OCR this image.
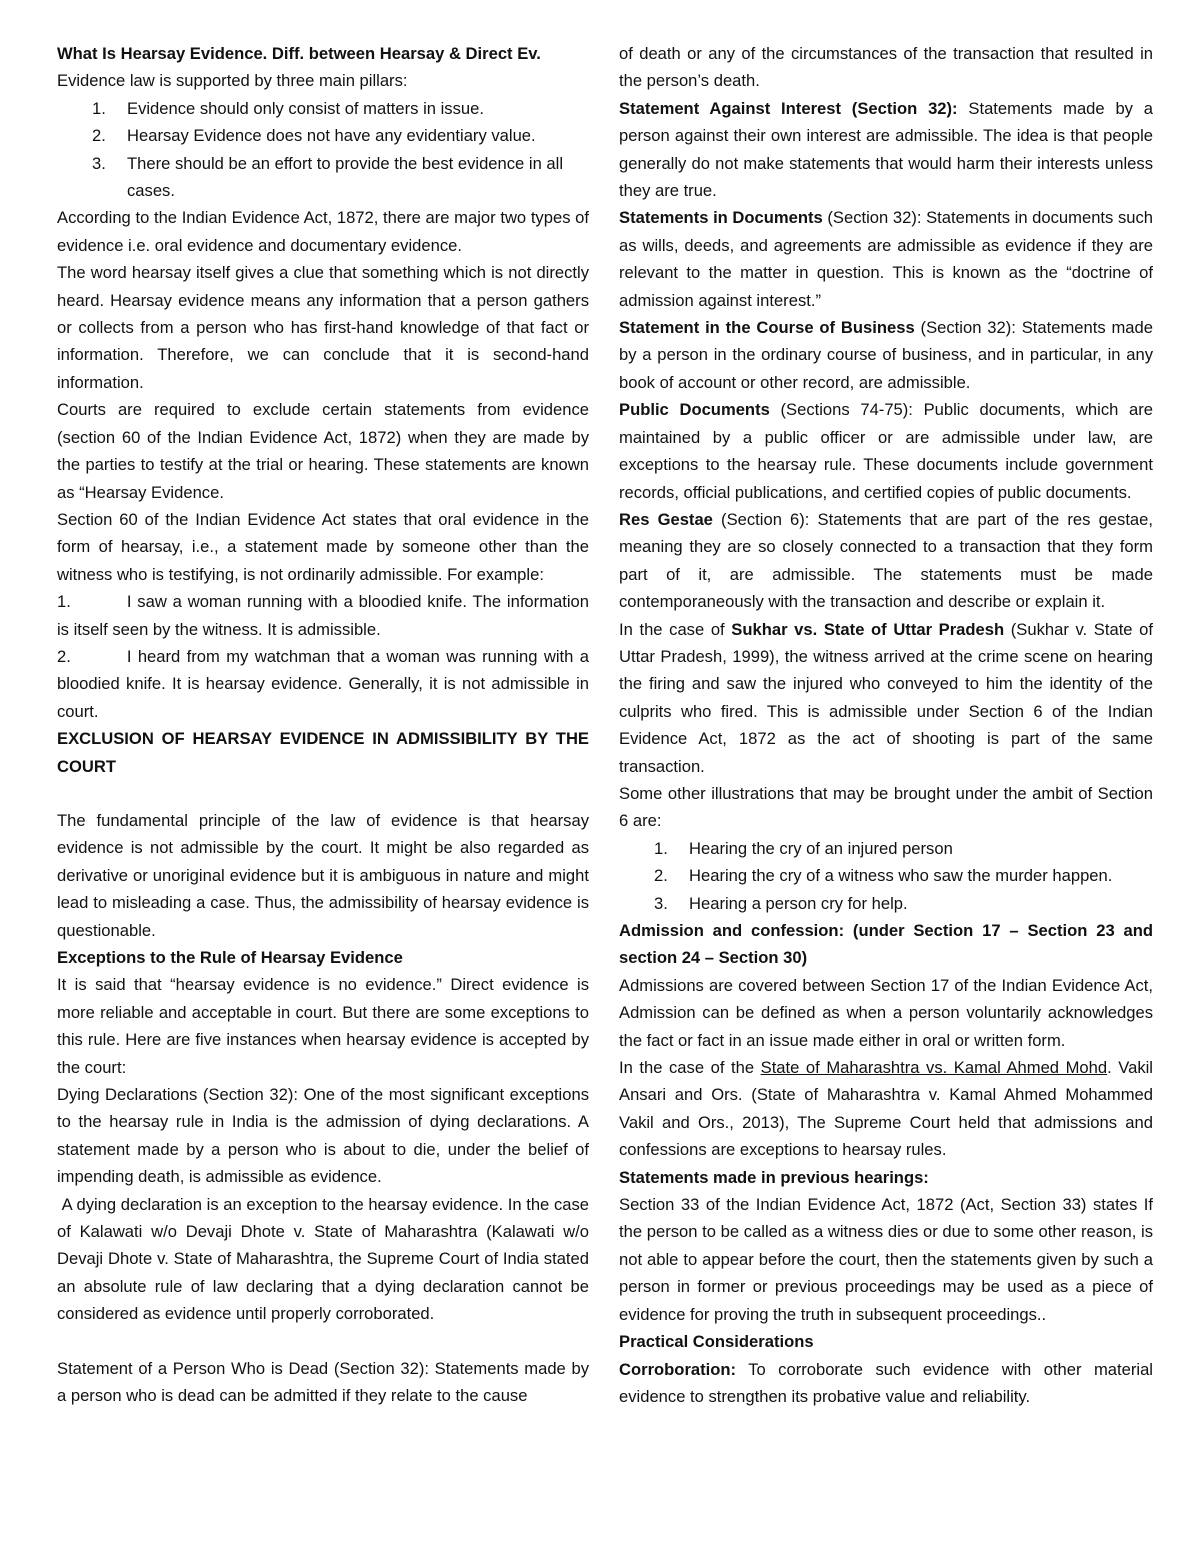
What Is Hearsay Evidence. Diff. between Hearsay & Direct Ev.

Evidence law is supported by three main pillars:

1. Evidence should only consist of matters in issue.
2. Hearsay Evidence does not have any evidentiary value.
3. There should be an effort to provide the best evidence in all cases.

According to the Indian Evidence Act, 1872, there are major two types of evidence i.e. oral evidence and documentary evidence.

The word hearsay itself gives a clue that something which is not directly heard. Hearsay evidence means any information that a person gathers or collects from a person who has first-hand knowledge of that fact or information. Therefore, we can conclude that it is second-hand information.

Courts are required to exclude certain statements from evidence (section 60 of the Indian Evidence Act, 1872) when they are made by the parties to testify at the trial or hearing. These statements are known as “Hearsay Evidence.

Section 60 of the Indian Evidence Act states that oral evidence in the form of hearsay, i.e., a statement made by someone other than the witness who is testifying, is not ordinarily admissible. For example:

1.	I saw a woman running with a bloodied knife. The information is itself seen by the witness. It is admissible.

2.	I heard from my watchman that a woman was running with a bloodied knife. It is hearsay evidence. Generally, it is not admissible in court.

EXCLUSION OF HEARSAY EVIDENCE IN ADMISSIBILITY BY THE COURT

The fundamental principle of the law of evidence is that hearsay evidence is not admissible by the court. It might be also regarded as derivative or unoriginal evidence but it is ambiguous in nature and might lead to misleading a case. Thus, the admissibility of hearsay evidence is questionable.

Exceptions to the Rule of Hearsay Evidence

It is said that “hearsay evidence is no evidence.” Direct evidence is more reliable and acceptable in court. But there are some exceptions to this rule. Here are five instances when hearsay evidence is accepted by the court:

Dying Declarations (Section 32): One of the most significant exceptions to the hearsay rule in India is the admission of dying declarations. A statement made by a person who is about to die, under the belief of impending death, is admissible as evidence.

A dying declaration is an exception to the hearsay evidence. In the case of Kalawati w/o Devaji Dhote v. State of Maharashtra (Kalawati w/o Devaji Dhote v. State of Maharashtra, the Supreme Court of India stated an absolute rule of law declaring that a dying declaration cannot be considered as evidence until properly corroborated.

Statement of a Person Who is Dead (Section 32): Statements made by a person who is dead can be admitted if they relate to the cause

of death or any of the circumstances of the transaction that resulted in the person’s death.

Statement Against Interest (Section 32): Statements made by a person against their own interest are admissible. The idea is that people generally do not make statements that would harm their interests unless they are true.

Statements in Documents (Section 32): Statements in documents such as wills, deeds, and agreements are admissible as evidence if they are relevant to the matter in question. This is known as the “doctrine of admission against interest.”

Statement in the Course of Business (Section 32): Statements made by a person in the ordinary course of business, and in particular, in any book of account or other record, are admissible.

Public Documents (Sections 74-75): Public documents, which are maintained by a public officer or are admissible under law, are exceptions to the hearsay rule. These documents include government records, official publications, and certified copies of public documents.

Res Gestae (Section 6): Statements that are part of the res gestae, meaning they are so closely connected to a transaction that they form part of it, are admissible. The statements must be made contemporaneously with the transaction and describe or explain it.

In the case of Sukhar vs. State of Uttar Pradesh (Sukhar v. State of Uttar Pradesh, 1999), the witness arrived at the crime scene on hearing the firing and saw the injured who conveyed to him the identity of the culprits who fired. This is admissible under Section 6 of the Indian Evidence Act, 1872 as the act of shooting is part of the same transaction.

Some other illustrations that may be brought under the ambit of Section 6 are:

1. Hearing the cry of an injured person
2. Hearing the cry of a witness who saw the murder happen.
3. Hearing a person cry for help.

Admission and confession: (under Section 17 – Section 23 and section 24 – Section 30)

Admissions are covered between Section 17 of the Indian Evidence Act, Admission can be defined as when a person voluntarily acknowledges the fact or fact in an issue made either in oral or written form.

In the case of the State of Maharashtra vs. Kamal Ahmed Mohd. Vakil Ansari and Ors. (State of Maharashtra v. Kamal Ahmed Mohammed Vakil and Ors., 2013), The Supreme Court held that admissions and confessions are exceptions to hearsay rules.

Statements made in previous hearings:

Section 33 of the Indian Evidence Act, 1872 (Act, Section 33) states If the person to be called as a witness dies or due to some other reason, is not able to appear before the court, then the statements given by such a person in former or previous proceedings may be used as a piece of evidence for proving the truth in subsequent proceedings..

Practical Considerations

Corroboration: To corroborate such evidence with other material evidence to strengthen its probative value and reliability.
